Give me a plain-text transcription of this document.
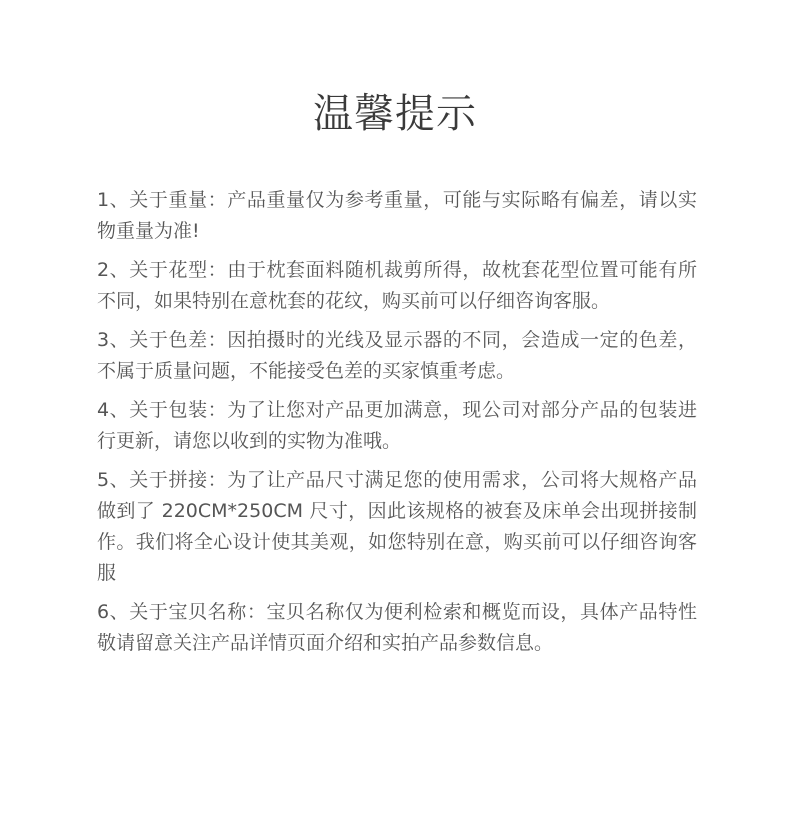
温馨提示
1、关于重量：产品重量仅为参考重量，可能与实际略有偏差，请以实物重量为准!
2、关于花型：由于枕套面料随机裁剪所得，故枕套花型位置可能有所不同，如果特别在意枕套的花纹，购买前可以仔细咨询客服。
3、关于色差：因拍摄时的光线及显示器的不同，会造成一定的色差，不属于质量问题，不能接受色差的买家慎重考虑。
4、关于包装：为了让您对产品更加满意，现公司对部分产品的包装进行更新，请您以收到的实物为准哦。
5、关于拼接：为了让产品尺寸满足您的使用需求，公司将大规格产品做到了 220CM*250CM 尺寸，因此该规格的被套及床单会出现拼接制作。我们将全心设计使其美观，如您特别在意，购买前可以仔细咨询客服
6、关于宝贝名称：宝贝名称仅为便利检索和概览而设，具体产品特性敬请留意关注产品详情页面介绍和实拍产品参数信息。
